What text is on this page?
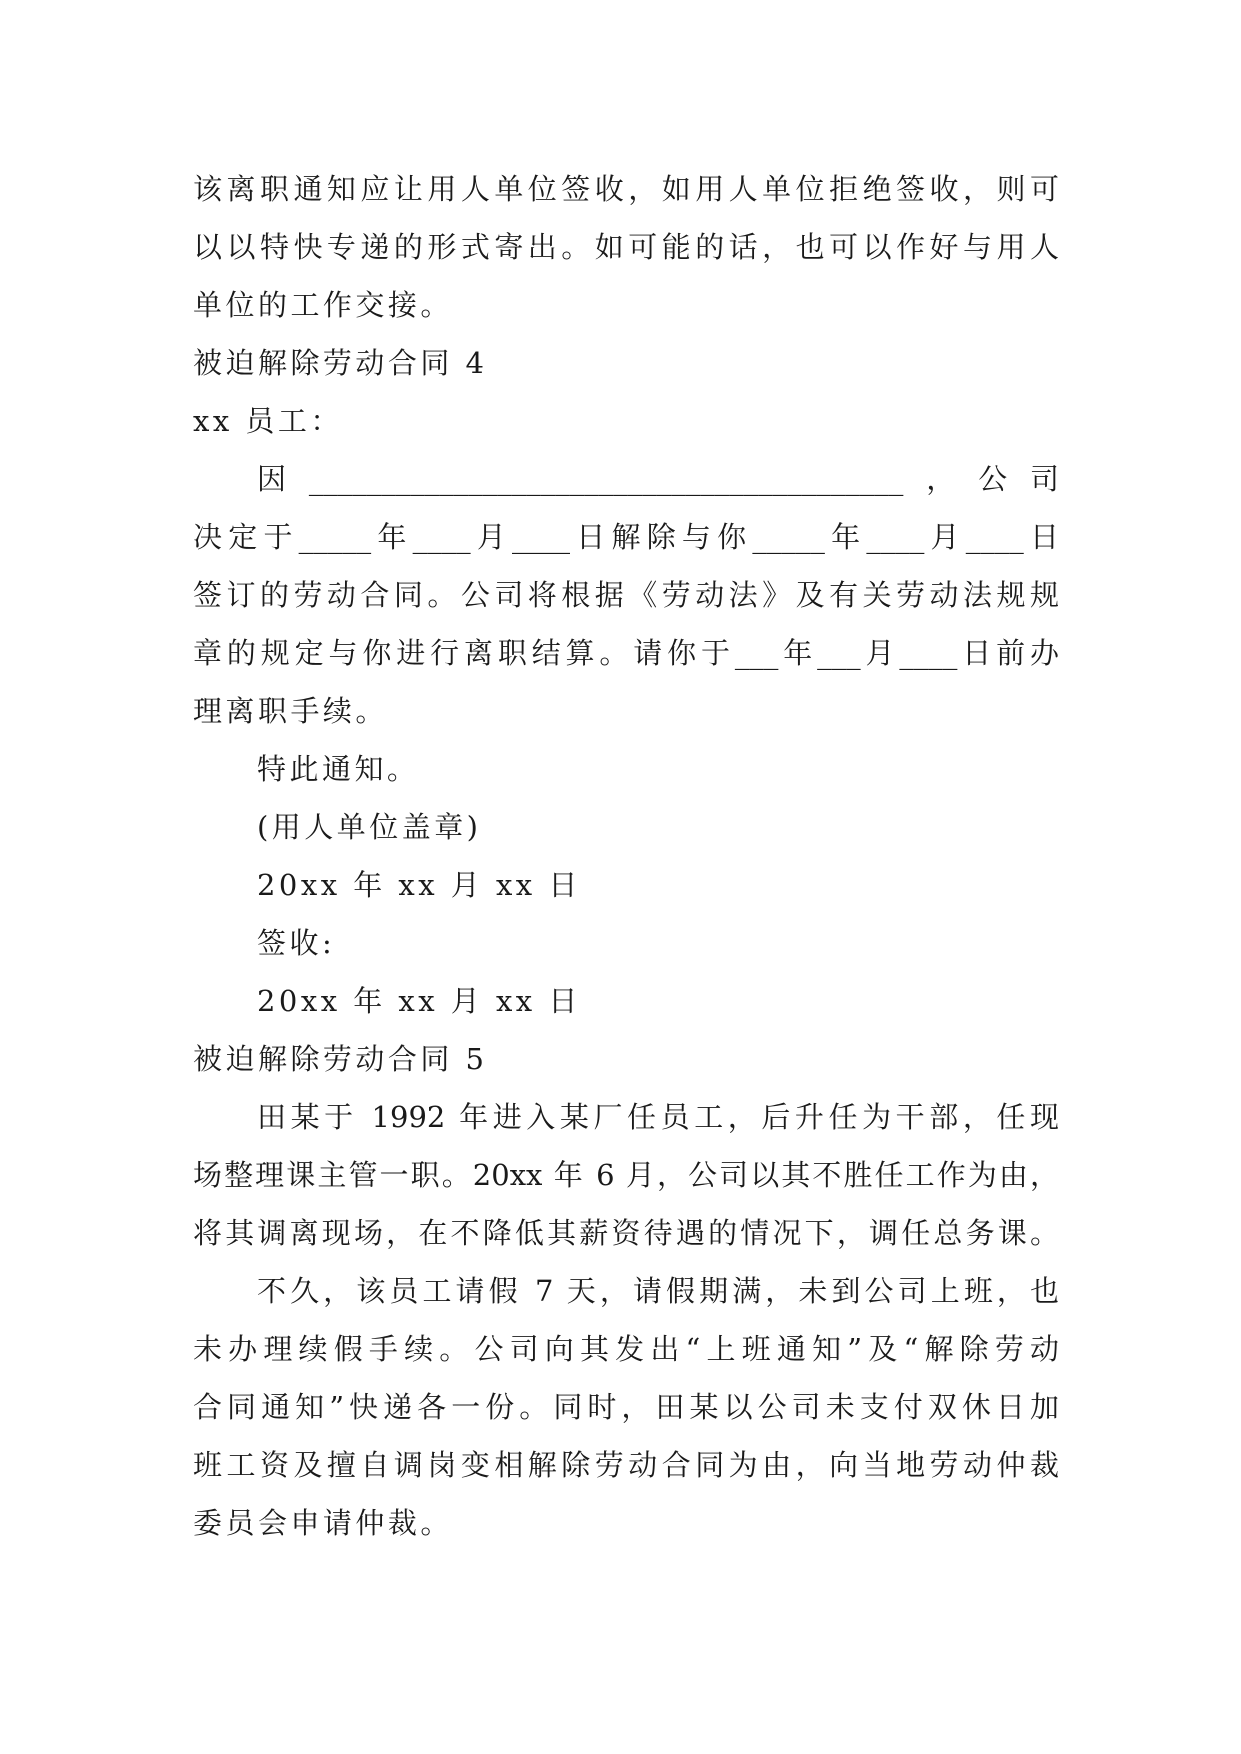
该离职通知应让用人单位签收，如用人单位拒绝签收，则可
以以特快专递的形式寄出。如可能的话，也可以作好与用人
单位的工作交接。
被迫解除劳动合同 4
xx 员工：
因_________________________________________，公司
决定于_____年____月____日解除与你_____年____月____日
签订的劳动合同。公司将根据《劳动法》及有关劳动法规规
章的规定与你进行离职结算。请你于___年___月____日前办
理离职手续。
特此通知。
(用人单位盖章)
20xx 年 xx 月 xx 日
签收:
20xx 年 xx 月 xx 日
被迫解除劳动合同 5
田某于 1992 年进入某厂任员工，后升任为干部，任现
场整理课主管一职。20xx 年 6 月，公司以其不胜任工作为由，
将其调离现场，在不降低其薪资待遇的情况下，调任总务课。
不久，该员工请假 7 天，请假期满，未到公司上班，也
未办理续假手续。公司向其发出“上班通知”及“解除劳动
合同通知”快递各一份。同时，田某以公司未支付双休日加
班工资及擅自调岗变相解除劳动合同为由，向当地劳动仲裁
委员会申请仲裁。
